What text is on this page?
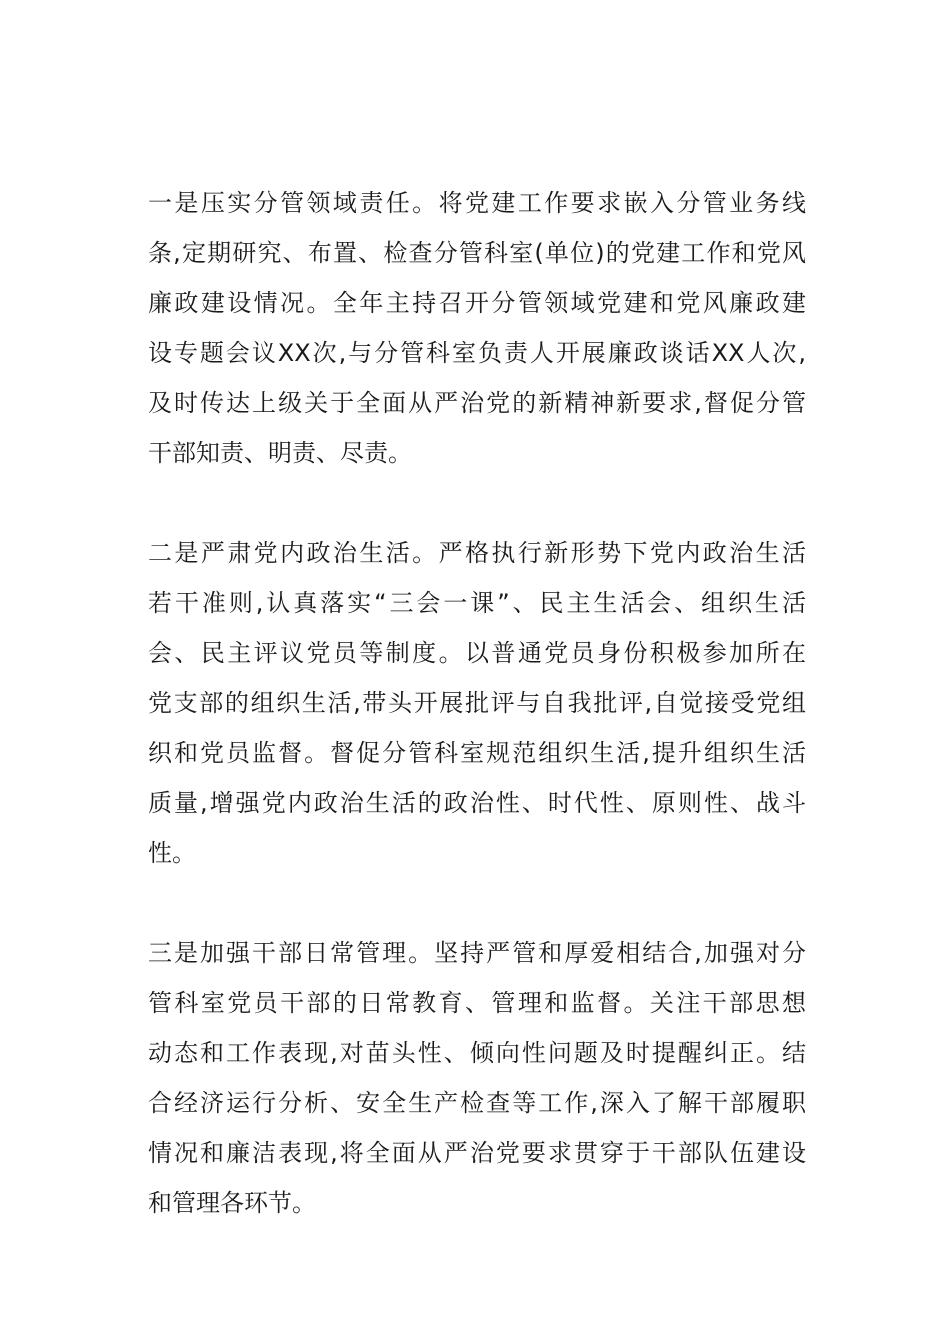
一是压实分管领域责任。将党建工作要求嵌入分管业务线
条,定期研究、布置、检查分管科室(单位)的党建工作和党风
廉政建设情况。全年主持召开分管领域党建和党风廉政建
设专题会议XX次,与分管科室负责人开展廉政谈话XX人次,
及时传达上级关于全面从严治党的新精神新要求,督促分管
干部知责、明责、尽责。
二是严肃党内政治生活。严格执行新形势下党内政治生活
若干准则,认真落实“三会一课”、民主生活会、组织生活
会、民主评议党员等制度。以普通党员身份积极参加所在
党支部的组织生活,带头开展批评与自我批评,自觉接受党组
织和党员监督。督促分管科室规范组织生活,提升组织生活
质量,增强党内政治生活的政治性、时代性、原则性、战斗
性。
三是加强干部日常管理。坚持严管和厚爱相结合,加强对分
管科室党员干部的日常教育、管理和监督。关注干部思想
动态和工作表现,对苗头性、倾向性问题及时提醒纠正。结
合经济运行分析、安全生产检查等工作,深入了解干部履职
情况和廉洁表现,将全面从严治党要求贯穿于干部队伍建设
和管理各环节。
